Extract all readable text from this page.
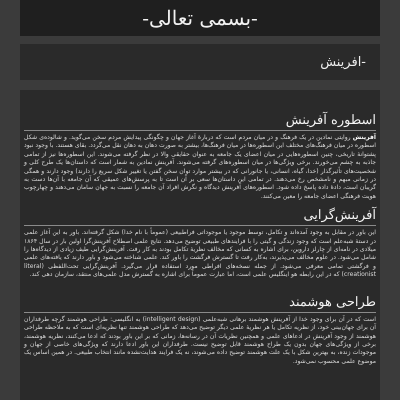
-بسمی تعالی-
-افرینش
اسطوره آفرینش

آفرینش روایتی نمادین در یک فرهنگ و در میان مردم است که دربارهٔ آغاز جهان و چگونگی پیدایش مردم سخن می‌گوید. و شالوده‌ی شکل اسطوره در میان فرهنگ‌های مختلف این اسطوره‌ها در میان فرهنگ‌ها، بیشتر به صورت دهان به دهان نقل می‌گردد. بقای هستند. با وجود نبود پشتوانهٔ تاریخی، چنین اسطوره‌هایی در میان اعضای یک جامعه به عنوان حقایقی والا در نظر گرفته می‌شوند. این اسطوره‌ها نیز از تمامی جاذبه به چشم می‌خورند. برخی ویژگی‌ها در میان اسطوره‌های گرفته می‌شوند. آفرینش نمادین به شمار است که داستان‌ها یک طرح کلی و شخصیت‌های تأثیرگذار (خدا، گیاه، انسانی، یا جانورانی که در بیشتر موارد توان سخن گفتن یا تغییر شکل سریع را دارند) وجود دارند و همگی در زمانی مبهم و نامشخص رخ می‌دهند. در تمامی این داستان‌ها سعی بر آن است تا به پرسش‌های عمیقی که آن جامعه با آن‌ها دست به گریبان است، دادهٔ داده پاسخ داده شود. اسطوره‌های آفرینش دیدگاه و نگرش افراد آن جامعه را نسبت به جهان سامان می‌دهند و چهارچوب هویت فرهنگی اعضای جامعه را معین می‌کنند.

آفرینش‌گرایی

این باور در مقابل به وجود آمده‌اند و تکامل، توسط موجود یا موجوداتی فراطبیعی (عموماً با نام خدا) شکل گرفته‌اند. باور به این آغاز علمی در دستهٔ شبه‌علم است که وجود زندگی و گیتی را با فرایندهای طبیعی توضیح می‌دهد. نتایج علمی اصطلاح آفرینش‌گرا اولین بار در سال ۱۸۶۴ میلادی در نامه‌ای از چارلز داروین، برای اشاره به کسانی که مخالف نظریهٔ تکامل بودند به کار رفت. آفرینش‌گرایی طیف زیادی از دیدگاه‌ها را شامل می‌شود. در علوم مخالف می‌پذیرند، به‌کار رفت تا گسترش فرگشت را باور کند. علمی شناخته می‌شود و باور دارند که یافته‌های علمی و فرگشتی تمامی معرفی می‌شود. از جمله نسخه‌های افراطی مورد استفاده قرار می‌گیرد. آفرینش‌گرایی تحت‌اللفظی (literal creationist) که در این رابطه هو اینگلیس علمی است، اما عبارت عموماً برای اشاره به گسترش مدل علمی‌های منتقد، سازمان دهی کند.

طراحی هوشمند

است که در آن برای وجود خدا از آفرینش هوشمند برهانی شبه‌علمی (intelligent design) به انگلیسی: طراحی هوشمند گرچه طرفداران آن برای جهان‌بینی خود، از نظریه تکامل یا هر نظریهٔ علمی دیگر توضیح می‌دهد که طراحی هوشمند تنها نظریه‌ای است که به ملاحظه طراحی هوشمند از وجود آفرینش در ادعاهای علمی و همچنین نظریات آن در رسانه‌ها، زمانی که بر این باور بودند که ادعا می‌کنند، نظریه هوشمند، برخی از ویژگی‌های جهان بدون یک طراح هوشمند قابل توضیح نیست. طرفداران این باور ادعا دارند که ویژگی‌های خاصی از جهان و موجودات زنده، به بهترین شکل با یک علت هوشمند توضیح داده می‌شوند، نه یک فرایند هدایت‌نشده مانند انتخاب طبیعی. در همین اساس یک موضوع علمی محسوب نمی‌شود.
